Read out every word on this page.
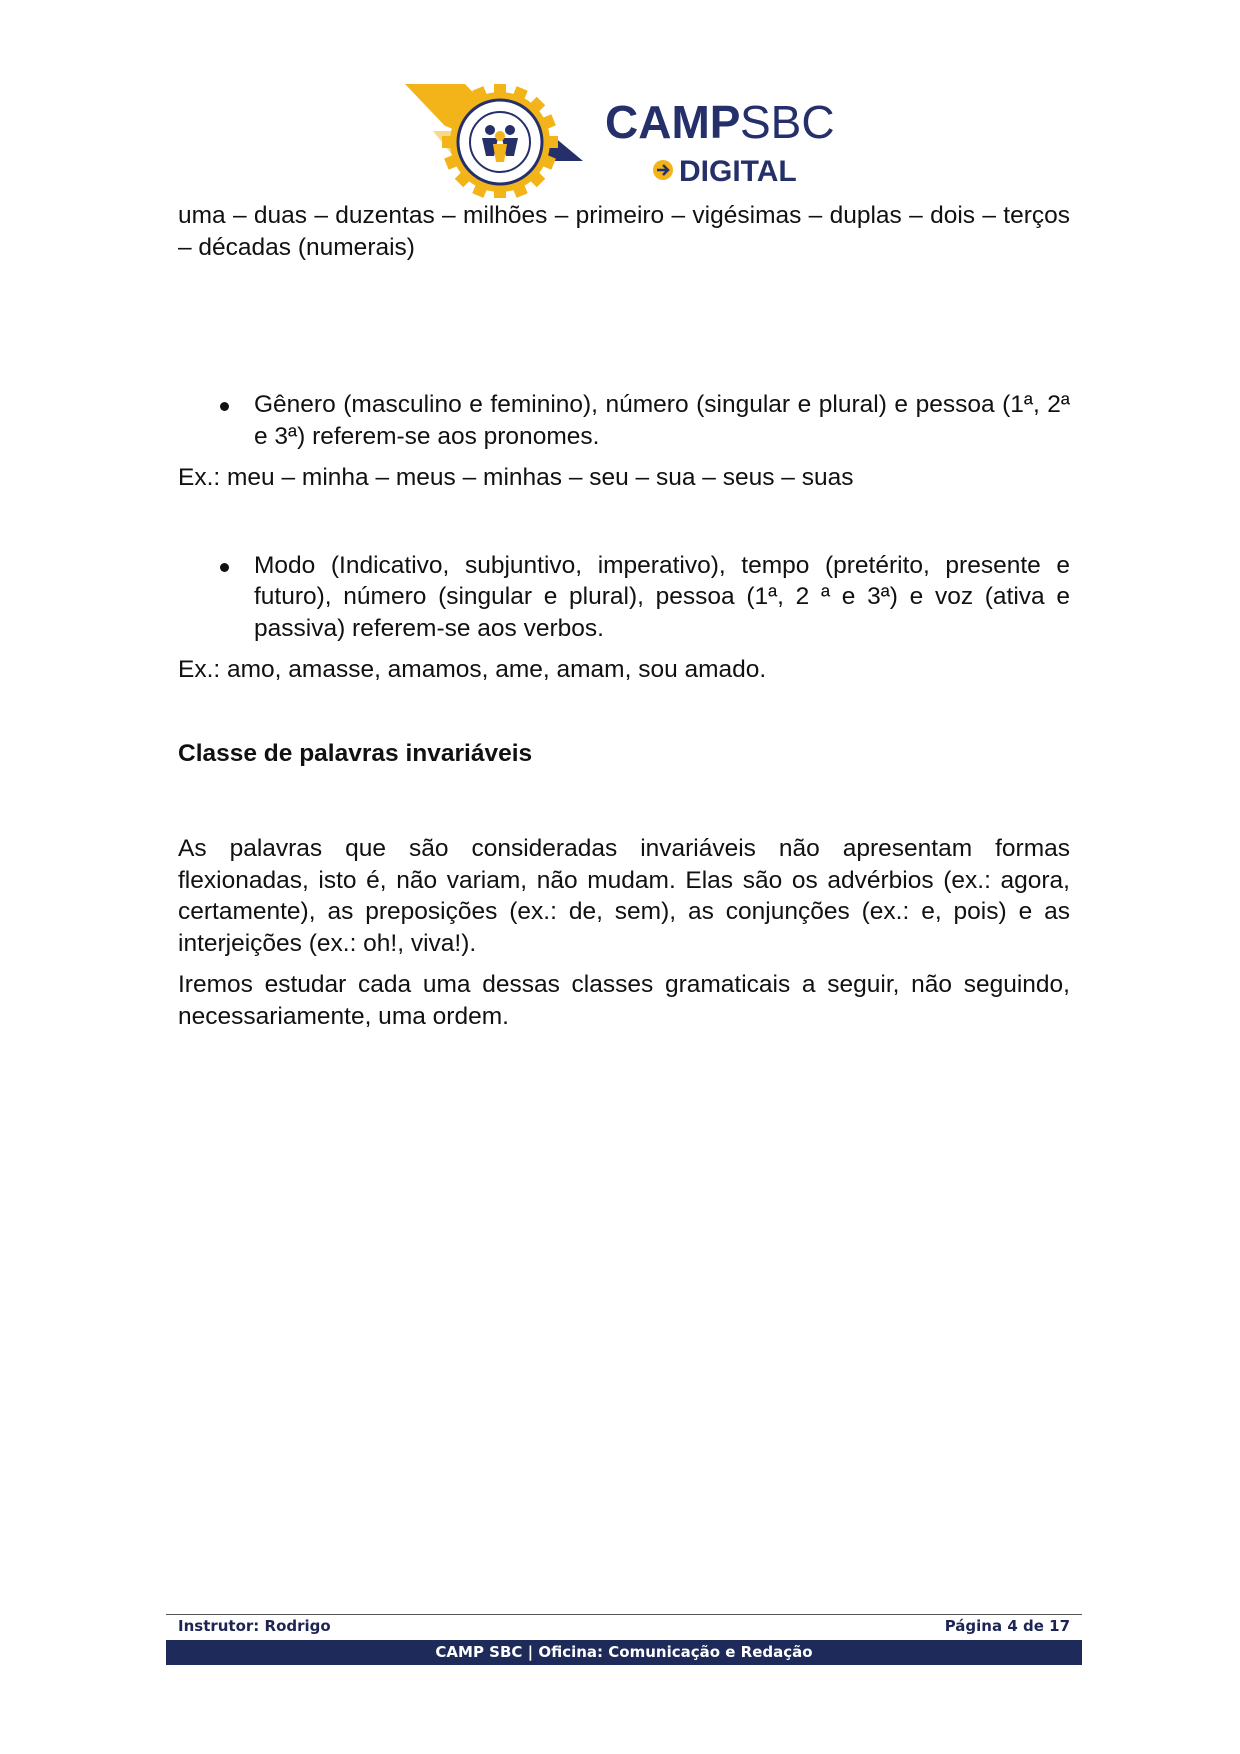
CAMP SBC
DIGITAL

uma – duas – duzentas – milhões – primeiro – vigésimas – duplas – dois – terços – décadas (numerais)

Gênero (masculino e feminino), número (singular e plural) e pessoa (1ª, 2ª e 3ª) referem-se aos pronomes.

Ex.: meu – minha – meus – minhas – seu – sua – seus – suas

Modo (Indicativo, subjuntivo, imperativo), tempo (pretérito, presente e futuro), número (singular e plural), pessoa (1ª, 2 ª e 3ª) e voz (ativa e passiva) referem-se aos verbos.

Ex.: amo, amasse, amamos, ame, amam, sou amado.

Classe de palavras invariáveis

As palavras que são consideradas invariáveis não apresentam formas flexionadas, isto é, não variam, não mudam. Elas são os advérbios (ex.: agora, certamente), as preposições (ex.: de, sem), as conjunções (ex.: e, pois) e as interjeições (ex.: oh!, viva!).

Iremos estudar cada uma dessas classes gramaticais a seguir, não seguindo, necessariamente, uma ordem.

Instrutor: Rodrigo	Página 4 de 17
CAMP SBC | Oficina: Comunicação e Redação
